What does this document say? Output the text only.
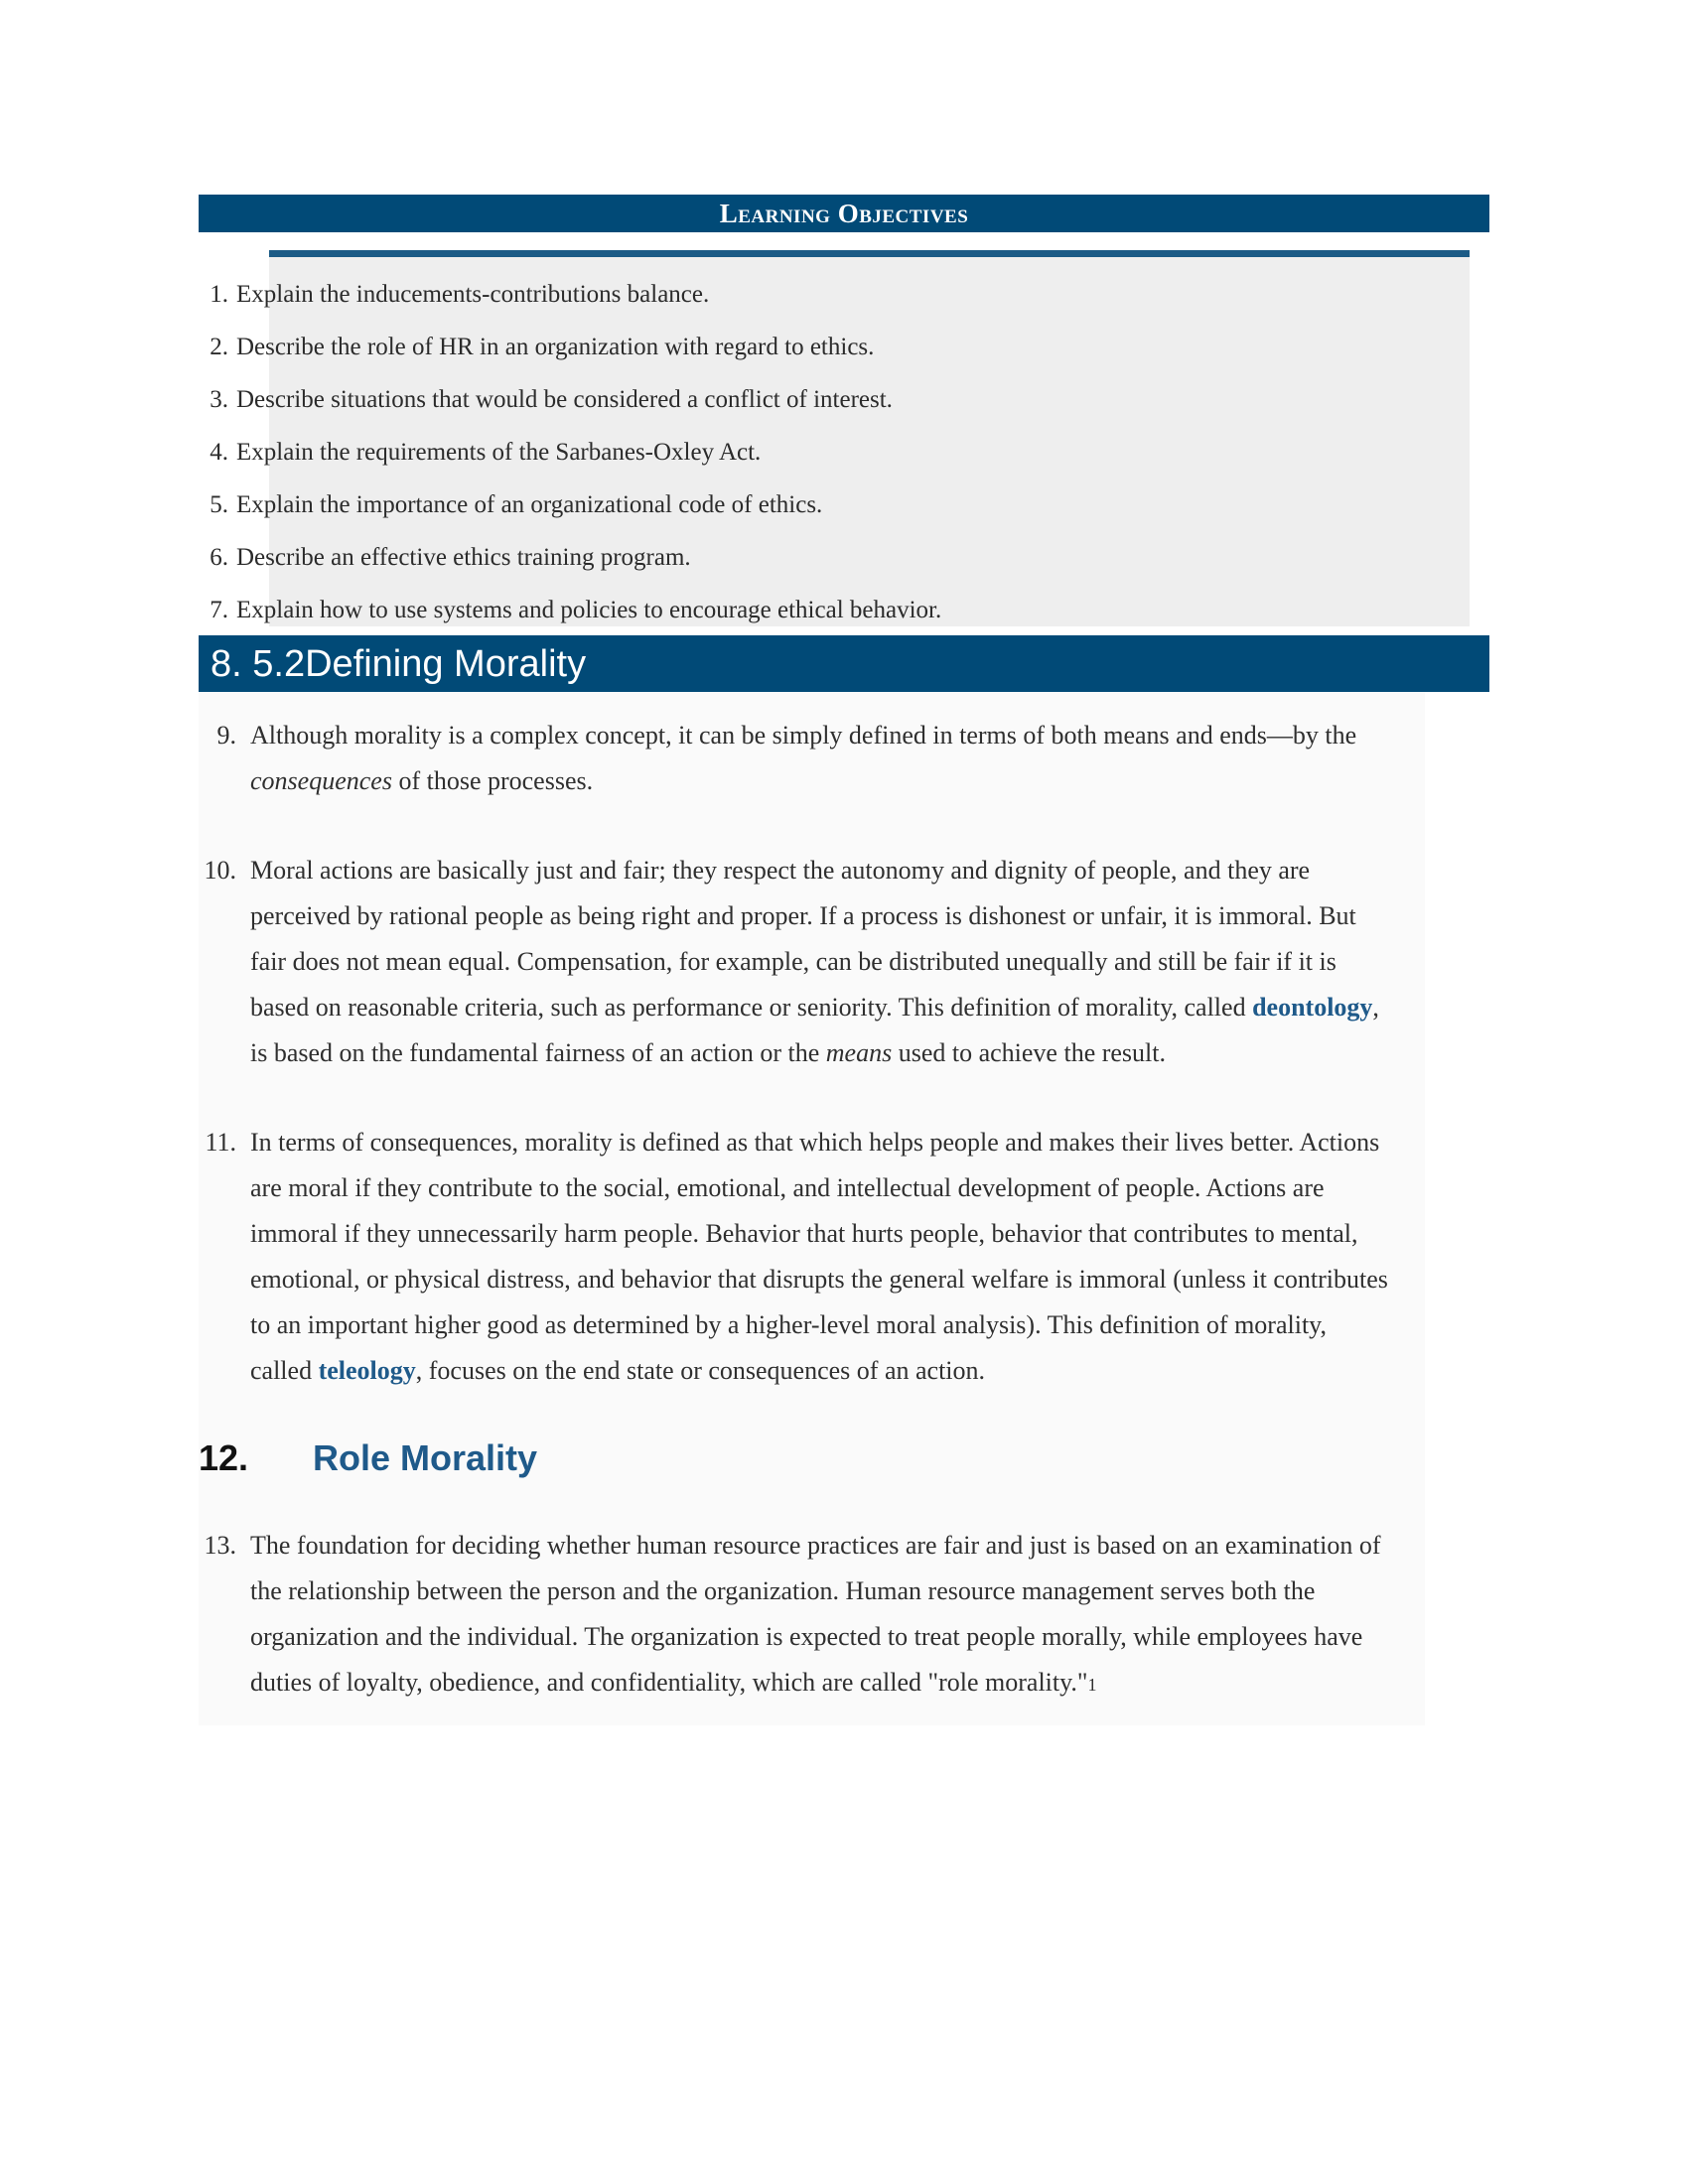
Learning Objectives
1. Explain the inducements-contributions balance.
2. Describe the role of HR in an organization with regard to ethics.
3. Describe situations that would be considered a conflict of interest.
4. Explain the requirements of the Sarbanes-Oxley Act.
5. Explain the importance of an organizational code of ethics.
6. Describe an effective ethics training program.
7. Explain how to use systems and policies to encourage ethical behavior.
8. 5.2Defining Morality
9. Although morality is a complex concept, it can be simply defined in terms of both means and ends—by the consequences of those processes.
10. Moral actions are basically just and fair; they respect the autonomy and dignity of people, and they are perceived by rational people as being right and proper. If a process is dishonest or unfair, it is immoral. But fair does not mean equal. Compensation, for example, can be distributed unequally and still be fair if it is based on reasonable criteria, such as performance or seniority. This definition of morality, called deontology, is based on the fundamental fairness of an action or the means used to achieve the result.
11. In terms of consequences, morality is defined as that which helps people and makes their lives better. Actions are moral if they contribute to the social, emotional, and intellectual development of people. Actions are immoral if they unnecessarily harm people. Behavior that hurts people, behavior that contributes to mental, emotional, or physical distress, and behavior that disrupts the general welfare is immoral (unless it contributes to an important higher good as determined by a higher-level moral analysis). This definition of morality, called teleology, focuses on the end state or consequences of an action.
12.	Role Morality
13. The foundation for deciding whether human resource practices are fair and just is based on an examination of the relationship between the person and the organization. Human resource management serves both the organization and the individual. The organization is expected to treat people morally, while employees have duties of loyalty, obedience, and confidentiality, which are called "role morality."1
